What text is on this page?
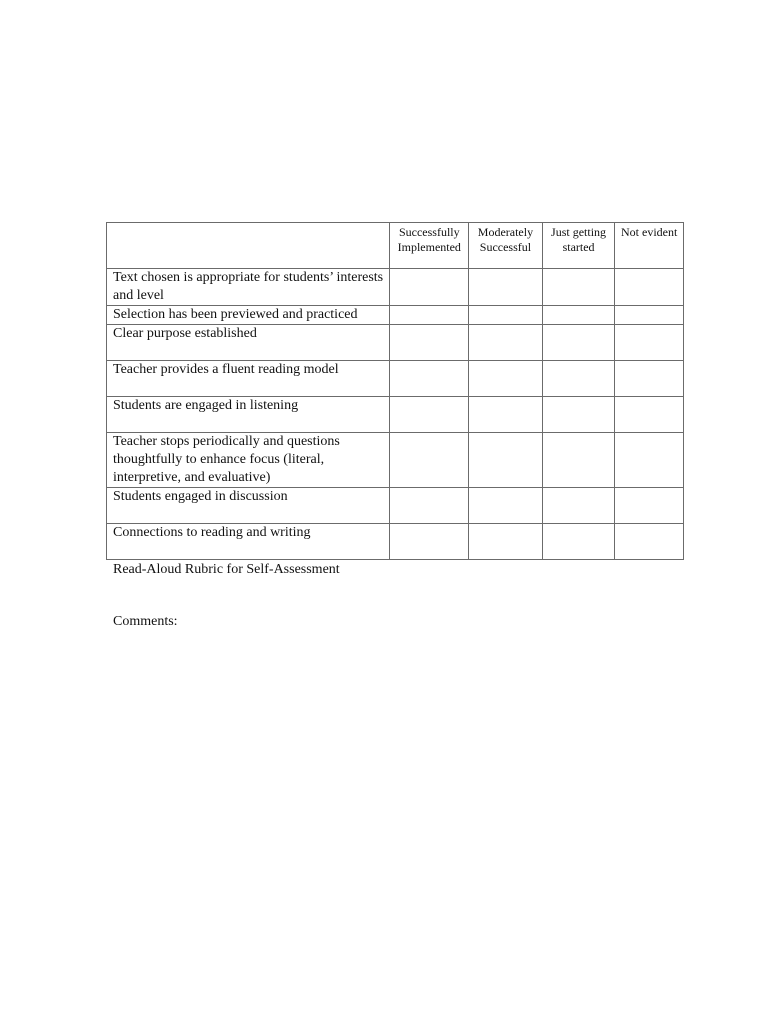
	Successfully Implemented	Moderately Successful	Just getting started	Not evident
Text chosen is appropriate for students’ interests and level				
Selection has been previewed and practiced				
Clear purpose established				
Teacher provides a fluent reading model				
Students are engaged in listening				
Teacher stops periodically and questions thoughtfully to enhance focus (literal, interpretive, and evaluative)				
Students engaged in discussion				
Connections to reading and writing				
Read-Aloud Rubric for Self-Assessment
Comments:
